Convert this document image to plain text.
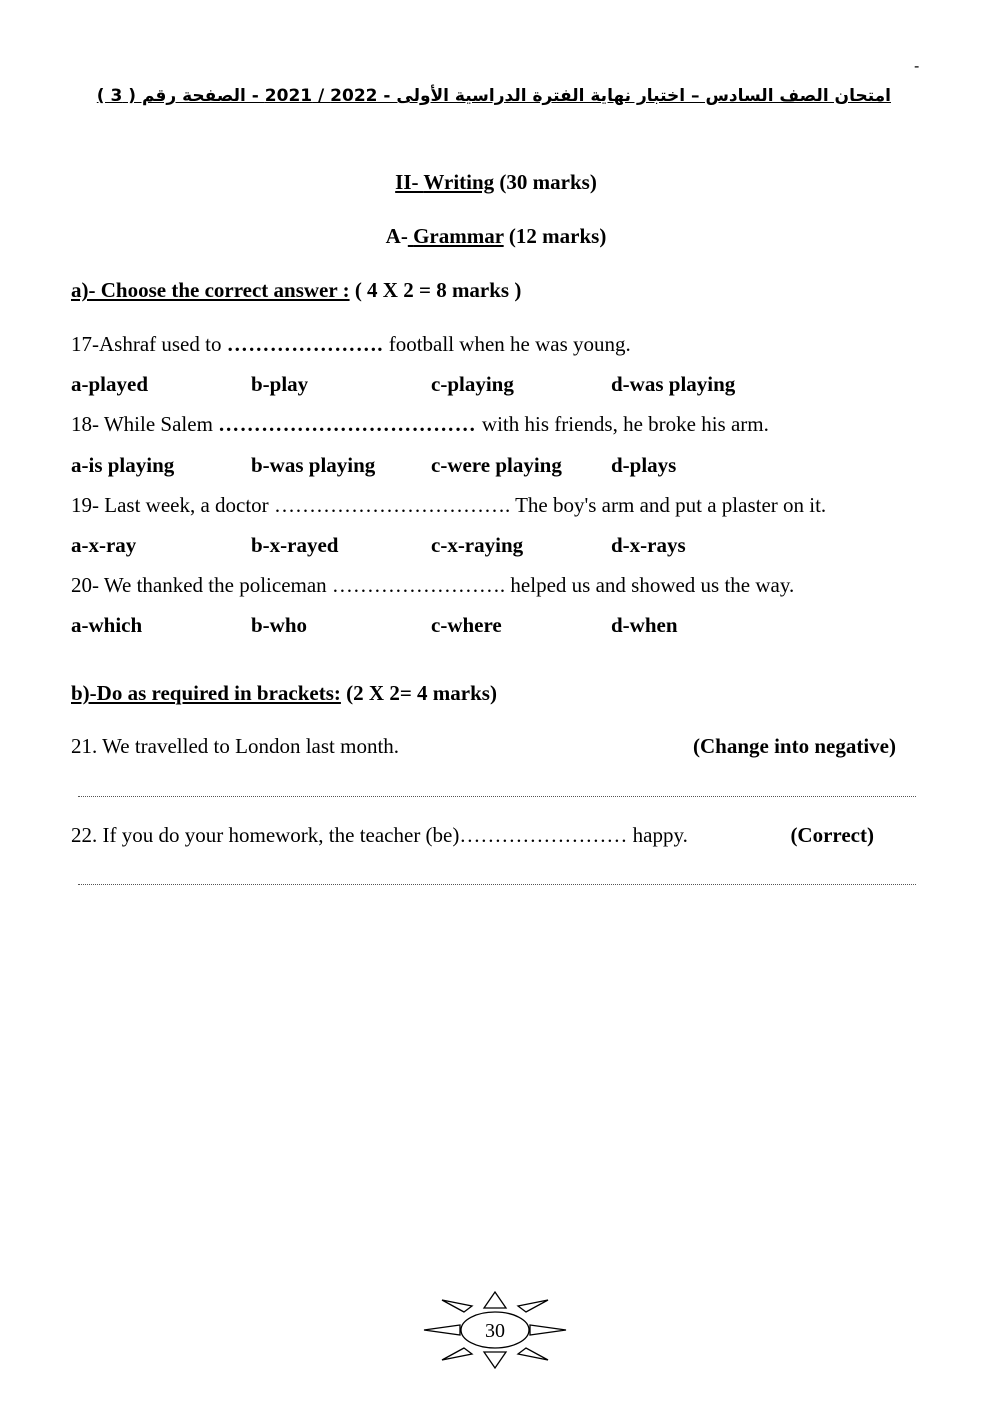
-
امتحان الصف السادس – اختبار نهاية الفترة الدراسية الأولى - 2022 / 2021 - الصفحة رقم ( 3 )
II- Writing (30 marks)
A- Grammar (12 marks)
a)- Choose the correct answer : ( 4 X 2 = 8 marks )
17-Ashraf used to …………………. football when he was young.
a-played	b-play	c-playing	d-was playing
18- While Salem ……………………………… with his friends, he broke his arm.
a-is playing	b-was playing	c-were playing d-plays
19- Last week, a doctor ……………………………. The boy's arm and put a plaster on it.
a-x-ray	b-x-rayed	c-x-raying	d-x-rays
20- We thanked the policeman ……………………. helped us and showed us the way.
a-which	b-who	c-where	d-when
b)-Do as required in brackets: (2 X 2= 4 marks)
21. We travelled to London last month.	(Change into negative)
22. If you do your homework, the teacher (be)…………………… happy.	(Correct)
30
